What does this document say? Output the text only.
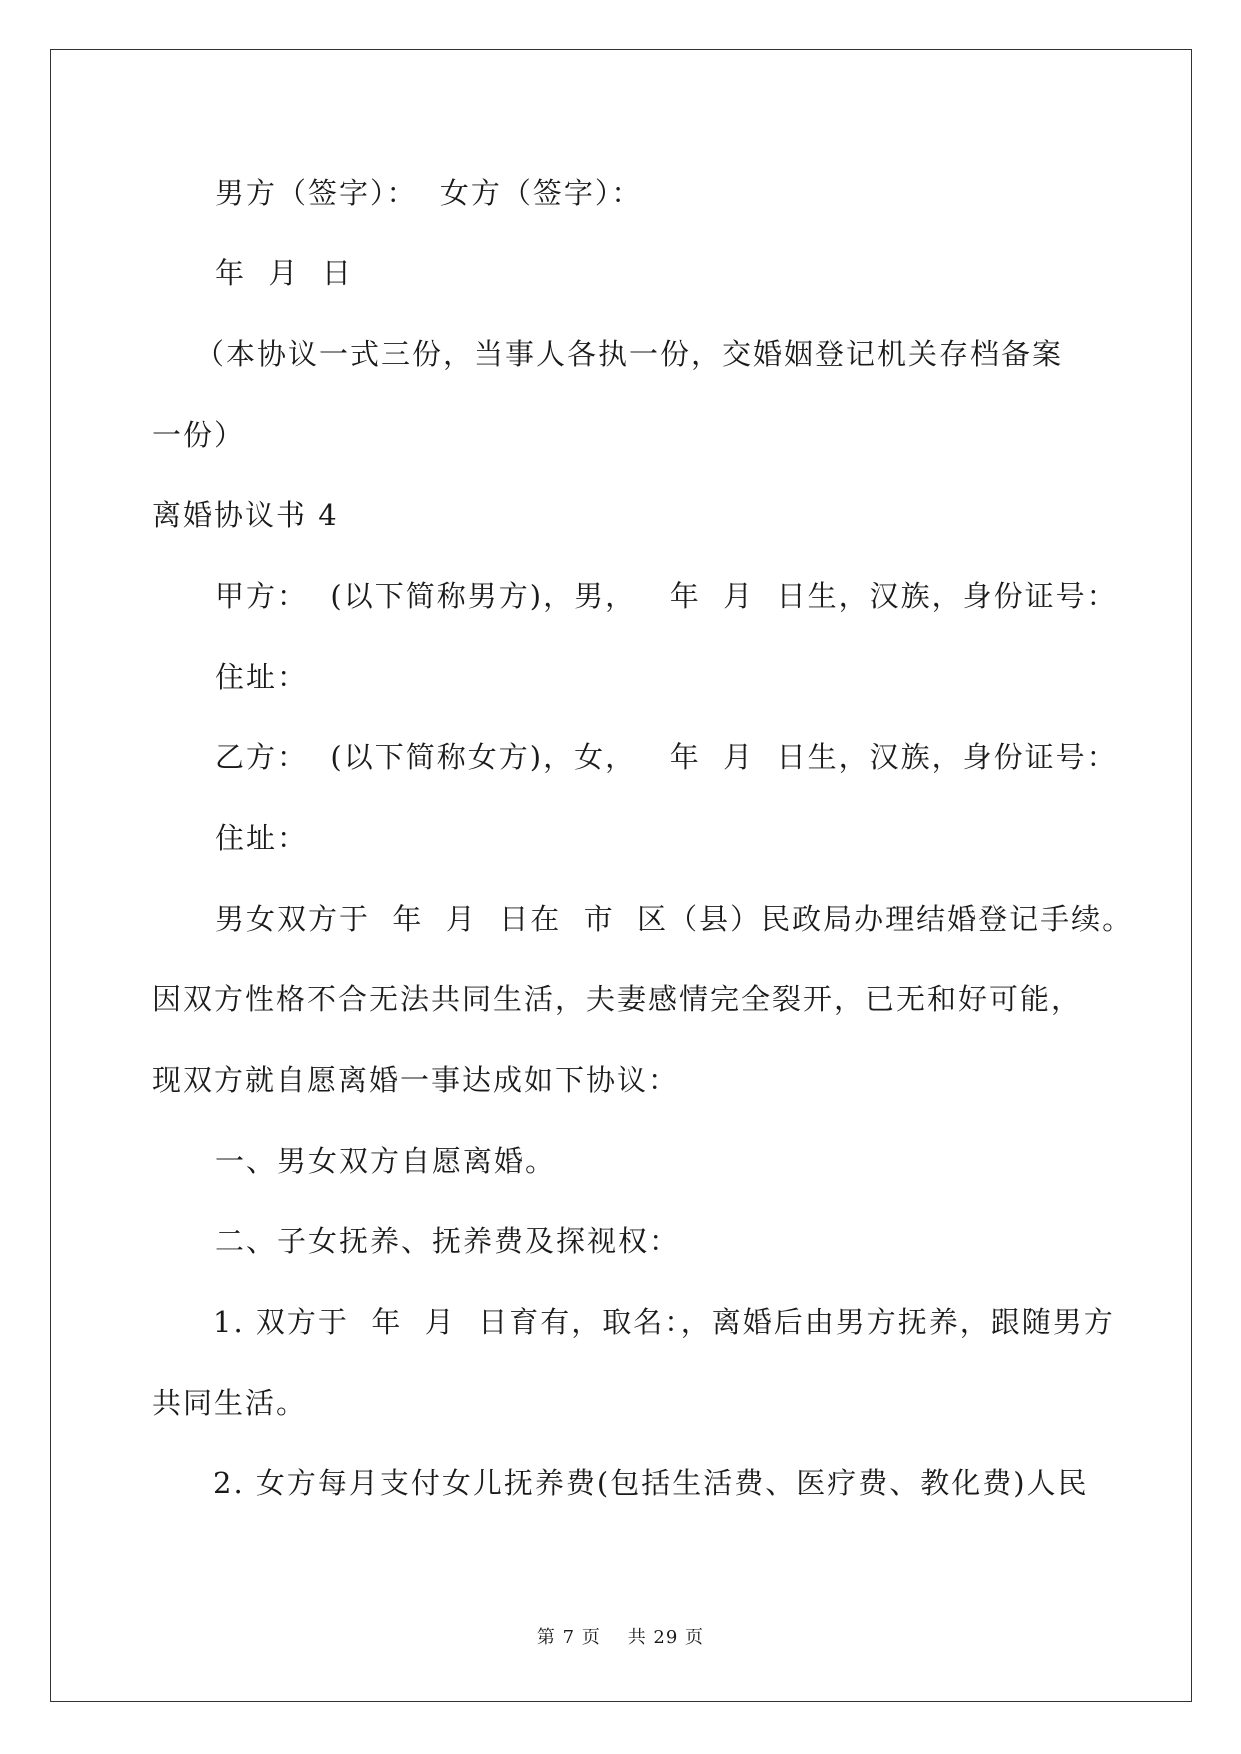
男方（签字）：  女方（签字）：
年  月  日
（本协议一式三份，当事人各执一份，交婚姻登记机关存档备案
一份）
离婚协议书 4
甲方：  (以下简称男方)，男，   年  月  日生，汉族，身份证号：
住址：
乙方：  (以下简称女方)，女，   年  月  日生，汉族，身份证号：
住址：
男女双方于  年  月  日在  市  区（县）民政局办理结婚登记手续。
因双方性格不合无法共同生活，夫妻感情完全裂开，已无和好可能，
现双方就自愿离婚一事达成如下协议：
一、男女双方自愿离婚。
二、子女抚养、抚养费及探视权：
1. 双方于  年  月  日育有，取名：，离婚后由男方抚养，跟随男方
共同生活。
2. 女方每月支付女儿抚养费(包括生活费、医疗费、教化费)人民
第 7 页    共 29 页
